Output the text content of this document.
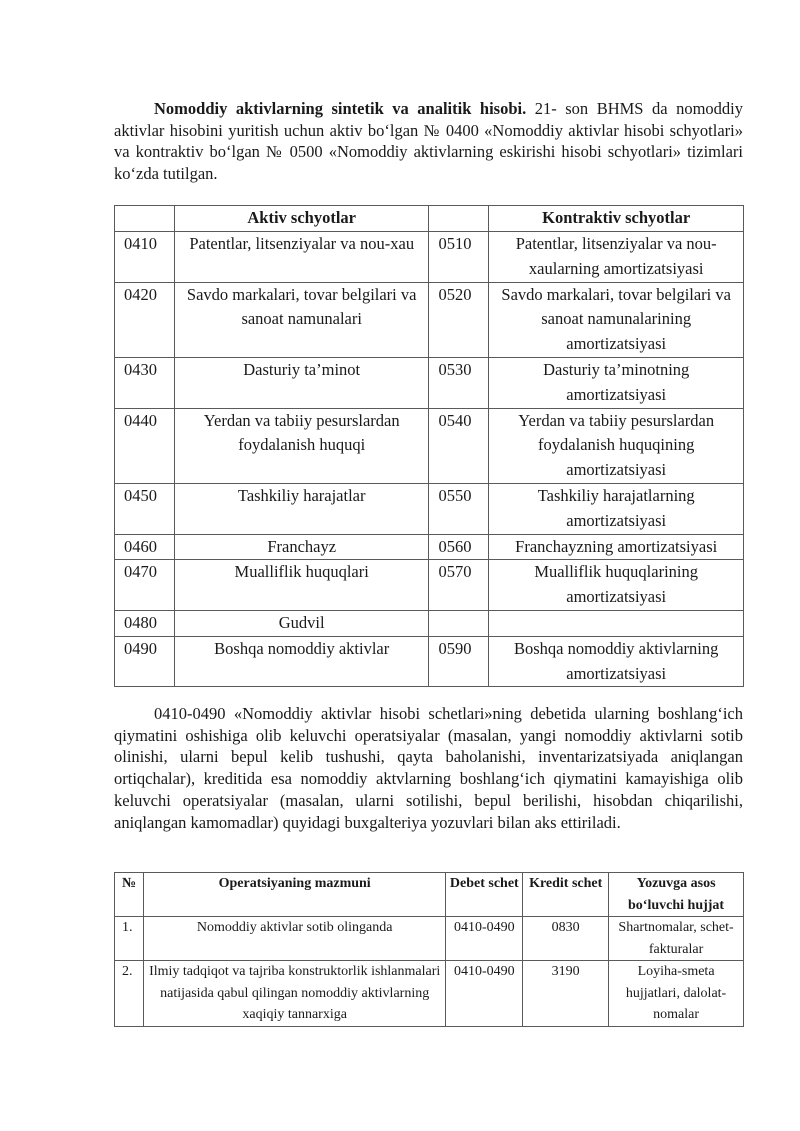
Nomoddiy aktivlarning sintetik va analitik hisobi. 21- son BHMS da nomoddiy aktivlar hisobini yuritish uchun aktiv bo‘lgan № 0400 «Nomoddiy aktivlar hisobi schyotlari» va kontraktiv bo‘lgan № 0500 «Nomoddiy aktivlarning eskirishi hisobi schyotlari» tizimlari ko‘zda tutilgan.

	Aktiv schyotlar		Kontraktiv schyotlar
0410	Patentlar, litsenziyalar va nou-xau	0510	Patentlar, litsenziyalar va nou-xaularning amortizatsiyasi
0420	Savdo markalari, tovar belgilari va sanoat namunalari	0520	Savdo markalari, tovar belgilari va sanoat namunalarining amortizatsiyasi
0430	Dasturiy ta’minot	0530	Dasturiy ta’minotning amortizatsiyasi
0440	Yerdan va tabiiy pesurslardan foydalanish huquqi	0540	Yerdan va tabiiy pesurslardan foydalanish huquqining amortizatsiyasi
0450	Tashkiliy harajatlar	0550	Tashkiliy harajatlarning amortizatsiyasi
0460	Franchayz	0560	Franchayzning amortizatsiyasi
0470	Mualliflik huquqlari	0570	Mualliflik huquqlarining amortizatsiyasi
0480	Gudvil		
0490	Boshqa nomoddiy aktivlar	0590	Boshqa nomoddiy aktivlarning amortizatsiyasi

0410-0490 «Nomoddiy aktivlar hisobi schetlari»ning debetida ularning boshlang‘ich qiymatini oshishiga olib keluvchi operatsiyalar (masalan, yangi nomoddiy aktivlarni sotib olinishi, ularni bepul kelib tushushi, qayta baholanishi, inventarizatsiyada aniqlangan ortiqchalar), kreditida esa nomoddiy aktvlarning boshlang‘ich qiymatini kamayishiga olib keluvchi operatsiyalar (masalan, ularni sotilishi, bepul berilishi, hisobdan chiqarilishi, aniqlangan kamomadlar) quyidagi buxgalteriya yozuvlari bilan aks ettiriladi.

№	Operatsiyaning mazmuni	Debet schet	Kredit schet	Yozuvga asos bo‘luvchi hujjat
1.	Nomoddiy aktivlar sotib olinganda	0410-0490	0830	Shartnomalar, schet-fakturalar
2.	Ilmiy tadqiqot va tajriba konstruktorlik ishlanmalari natijasida qabul qilingan nomoddiy aktivlarning xaqiqiy tannarxiga	0410-0490	3190	Loyiha-smeta hujjatlari, dalolat-nomalar
